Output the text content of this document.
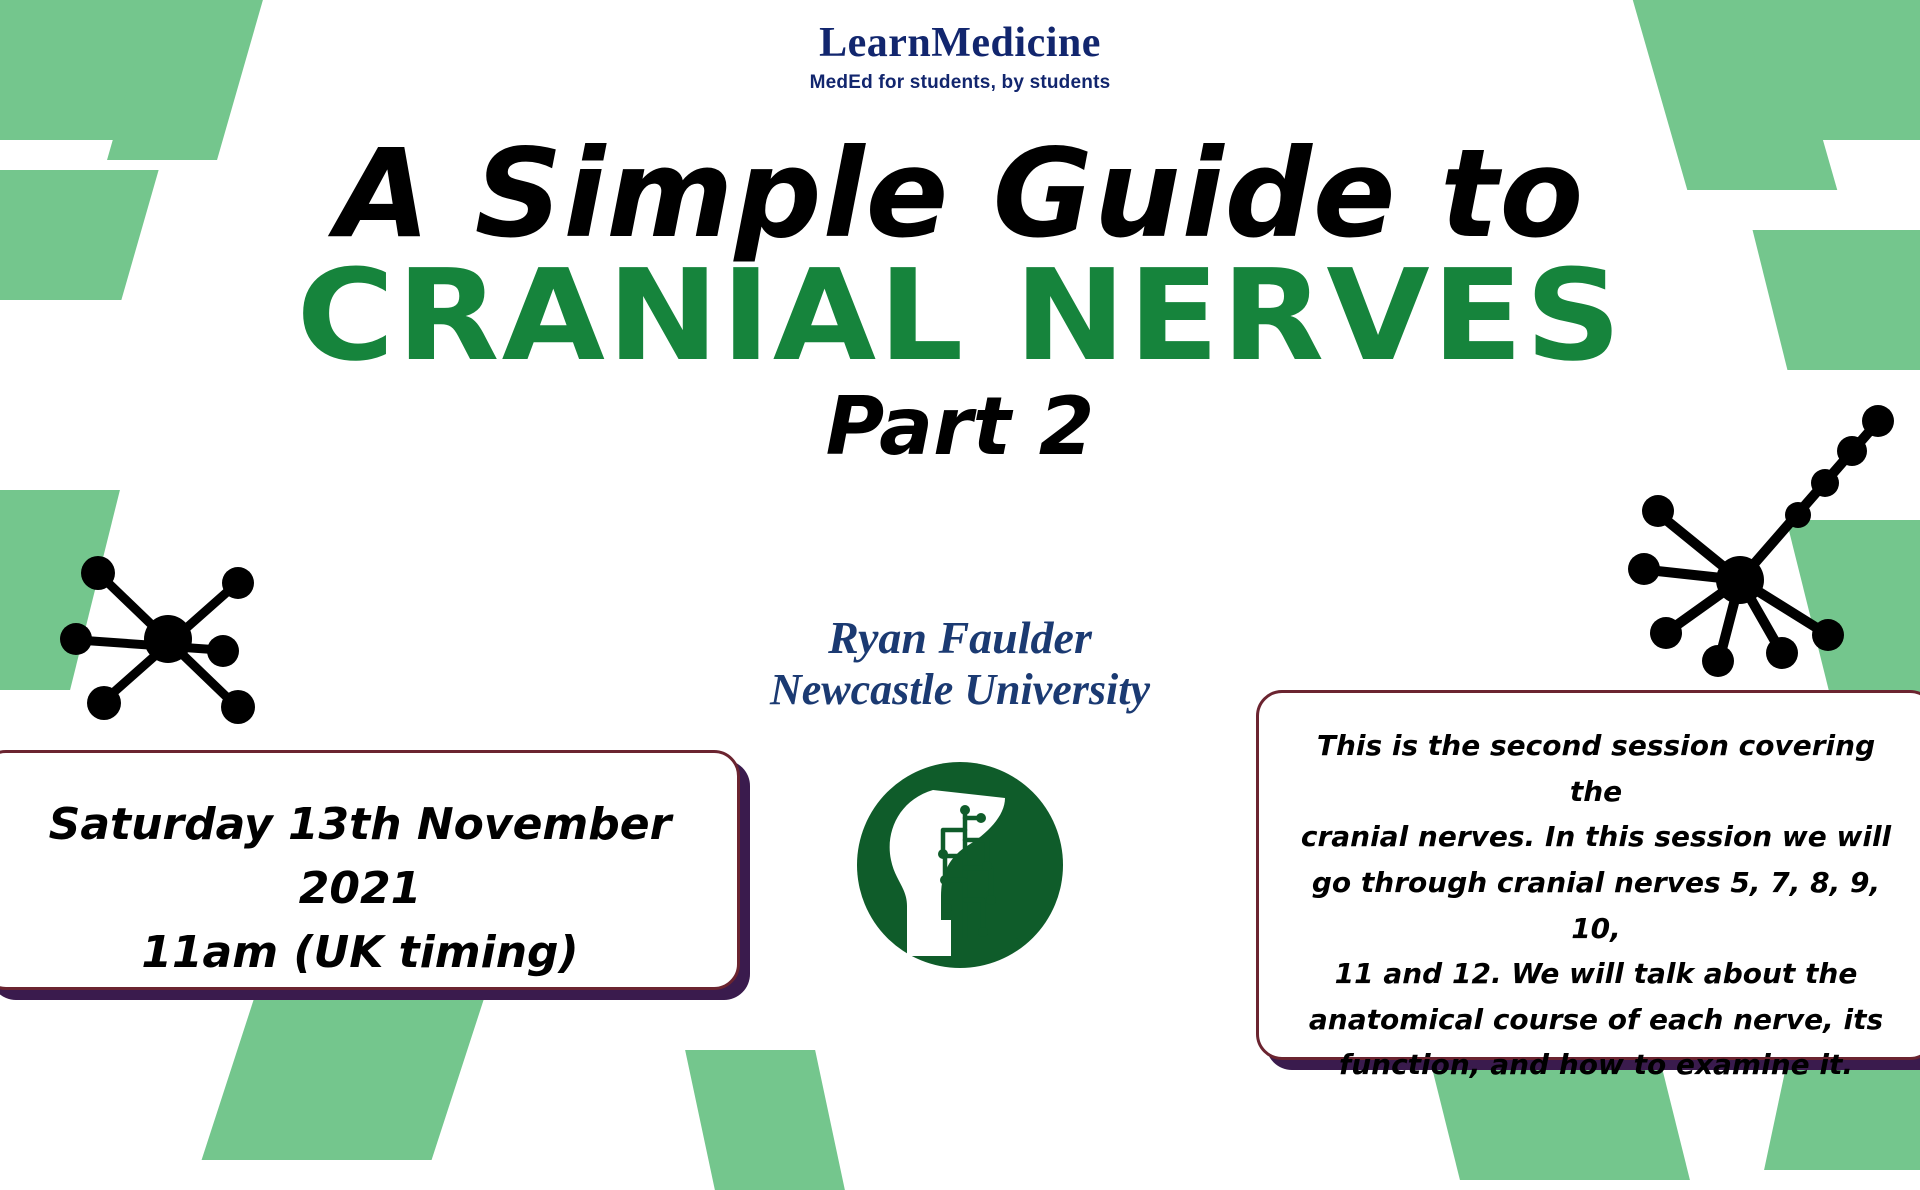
LearnMedicine
MedEd for students, by students
A Simple Guide to
CRANIAL NERVES
Part 2
Ryan Faulder
Newcastle University
Saturday 13th November 2021
11am (UK timing)
This is the second session covering the
cranial nerves. In this session we will
go through cranial nerves 5, 7, 8, 9, 10,
11 and 12. We will talk about the
anatomical course of each nerve, its
function, and how to examine it.
